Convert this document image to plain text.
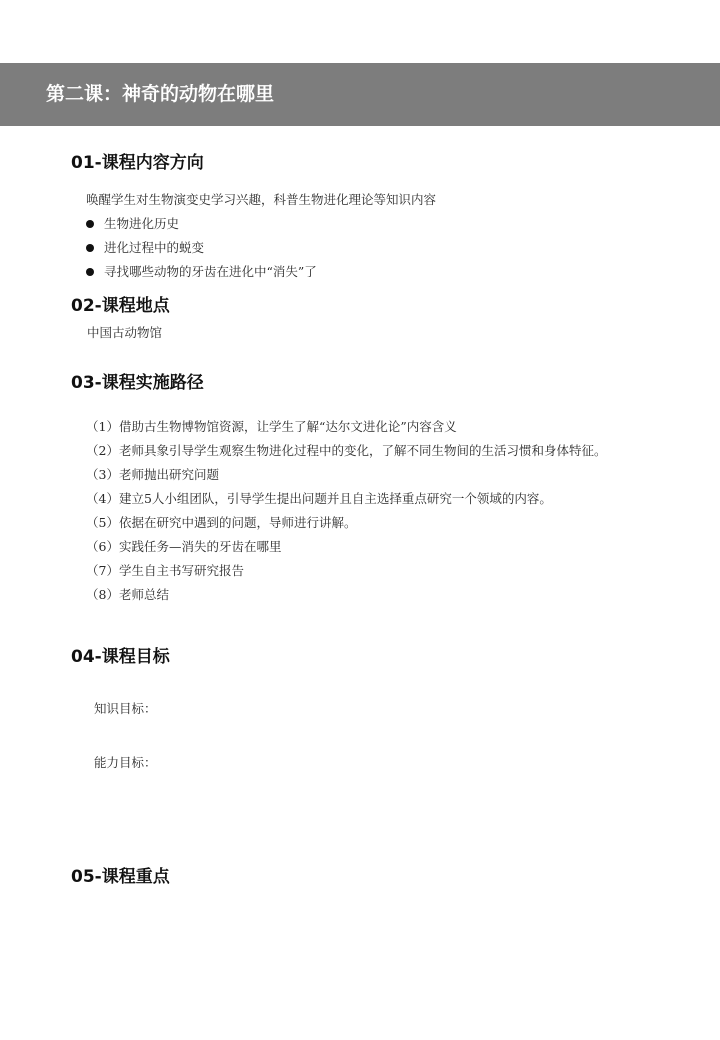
第二课：神奇的动物在哪里
01-课程内容方向

唤醒学生对生物演变史学习兴趣，科普生物进化理论等知识内容

生物进化历史
进化过程中的蜕变
寻找哪些动物的牙齿在进化中“消失”了
02-课程地点

中国古动物馆

03-课程实施路径
（1）借助古生物博物馆资源，让学生了解“达尔文进化论”内容含义
（2）老师具象引导学生观察生物进化过程中的变化，了解不同生物间的生活习惯和身体特征。
（3）老师抛出研究问题
（4）建立5人小组团队，引导学生提出问题并且自主选择重点研究一个领域的内容。
（5）依据在研究中遇到的问题，导师进行讲解。
（6）实践任务—消失的牙齿在哪里
（7）学生自主书写研究报告
（8）老师总结
04-课程目标

知识目标：

能力目标：

05-课程重点
